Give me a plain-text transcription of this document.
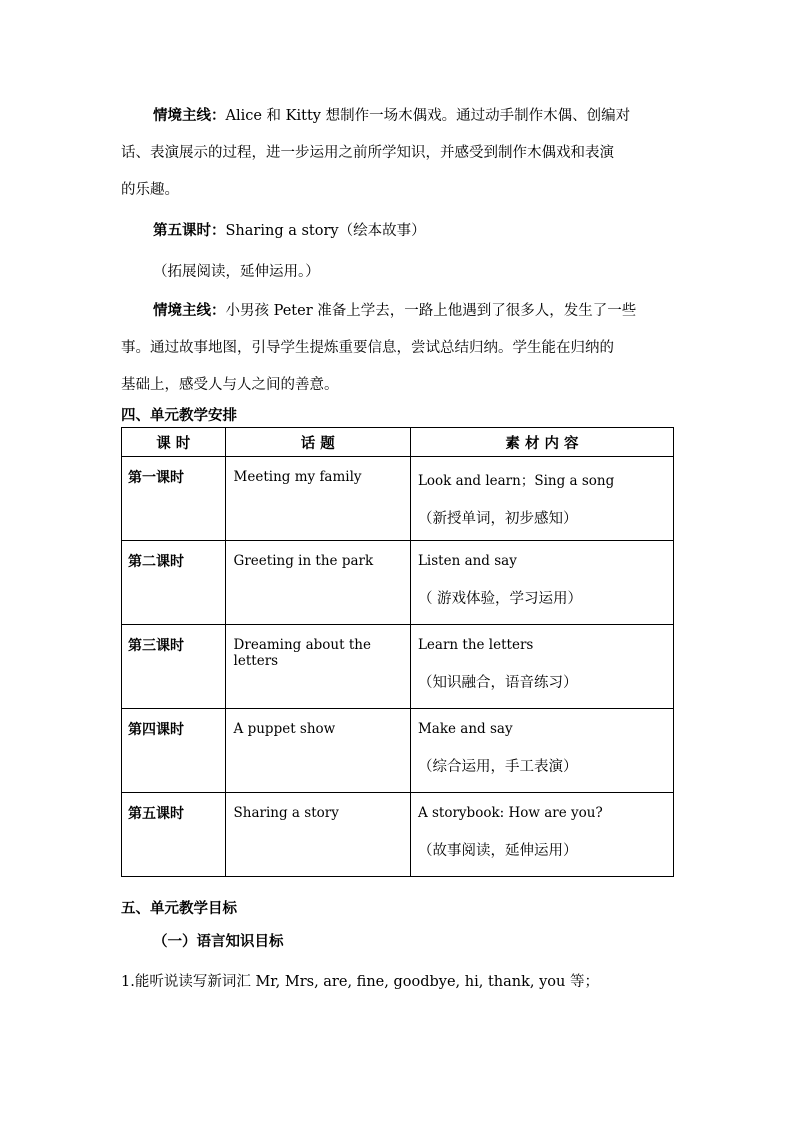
情境主线：Alice 和 Kitty 想制作一场木偶戏。通过动手制作木偶、创编对
话、表演展示的过程，进一步运用之前所学知识，并感受到制作木偶戏和表演
的乐趣。
第五课时：Sharing a story（绘本故事）
（拓展阅读，延伸运用。）
情境主线：小男孩 Peter 准备上学去，一路上他遇到了很多人，发生了一些
事。通过故事地图，引导学生提炼重要信息，尝试总结归纳。学生能在归纳的
基础上，感受人与人之间的善意。
四、单元教学安排
课 时	话 题	素 材 内 容

第一课时	Meeting my family	Look and learn；Sing a song
（新授单词，初步感知）

第二课时	Greeting in the park	Listen and say
（ 游戏体验，学习运用）

第三课时	Dreaming about the letters	Learn the letters
（知识融合，语音练习）

第四课时	A puppet show	Make and say
（综合运用，手工表演）

第五课时	Sharing a story	A storybook: How are you?
（故事阅读，延伸运用）
五、单元教学目标
（一）语言知识目标
1.能听说读写新词汇 Mr, Mrs, are, fine, goodbye, hi, thank, you 等；
